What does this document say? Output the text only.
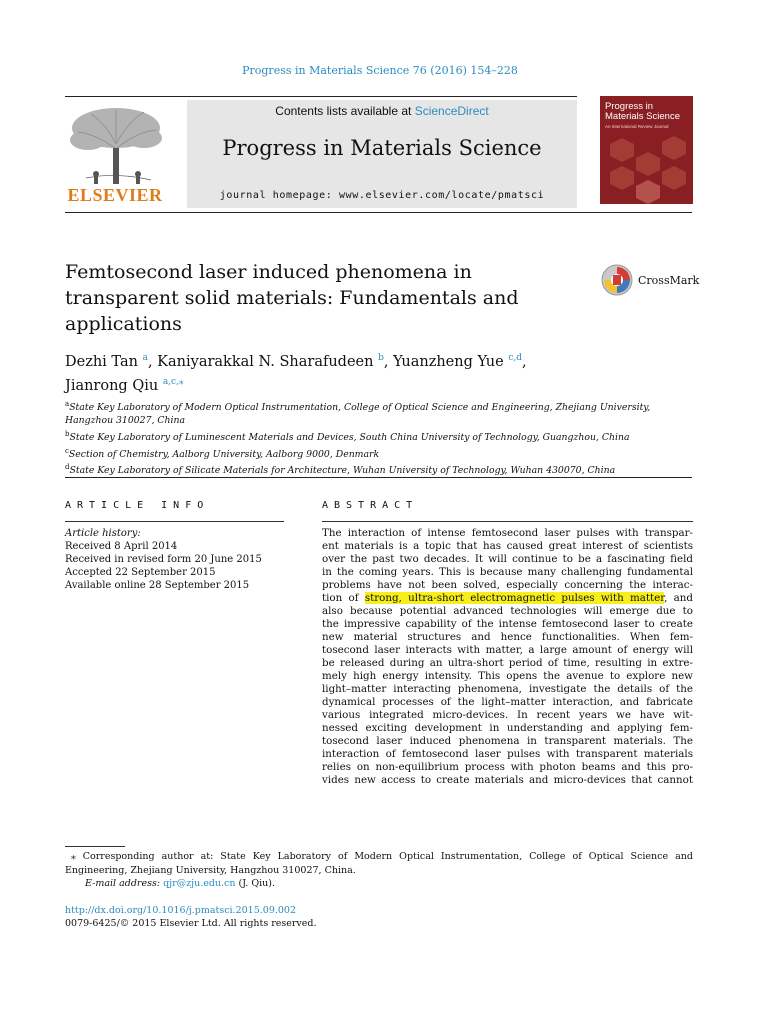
Progress in Materials Science 76 (2016) 154–228
ELSEVIER
Contents lists available at ScienceDirect
Progress in Materials Science
journal homepage: www.elsevier.com/locate/pmatsci
Progress in Materials Science
An International Review Journal
Femtosecond laser induced phenomena in
transparent solid materials: Fundamentals and
applications
CrossMark
Dezhi Tan $^a$, Kaniyarakkal N. Sharafudeen $^b$, Yuanzheng Yue $^{c,d}$,
Jianrong Qiu $^{a,c,⁎}$
$^a$State Key Laboratory of Modern Optical Instrumentation, College of Optical Science and Engineering, Zhejiang University,
Hangzhou 310027, China
$^b$State Key Laboratory of Luminescent Materials and Devices, South China University of Technology, Guangzhou, China
$^c$Section of Chemistry, Aalborg University, Aalborg 9000, Denmark
$^d$State Key Laboratory of Silicate Materials for Architecture, Wuhan University of Technology, Wuhan 430070, China
ARTICLE INFO	ABSTRACT
Article history:
Received 8 April 2014
Received in revised form 20 June 2015
Accepted 22 September 2015
Available online 28 September 2015
The interaction of intense femtosecond laser pulses with transpar-
ent materials is a topic that has caused great interest of scientists
over the past two decades. It will continue to be a fascinating field
in the coming years. This is because many challenging fundamental
problems have not been solved, especially concerning the interac-
tion of strong, ultra-short electromagnetic pulses with matter, and
also because potential advanced technologies will emerge due to
the impressive capability of the intense femtosecond laser to create
new material structures and hence functionalities. When fem-
tosecond laser interacts with matter, a large amount of energy will
be released during an ultra-short period of time, resulting in extre-
mely high energy intensity. This opens the avenue to explore new
light–matter interacting phenomena, investigate the details of the
dynamical processes of the light–matter interaction, and fabricate
various integrated micro-devices. In recent years we have wit-
nessed exciting development in understanding and applying fem-
tosecond laser induced phenomena in transparent materials. The
interaction of femtosecond laser pulses with transparent materials
relies on non-equilibrium process with photon beams and this pro-
vides new access to create materials and micro-devices that cannot
⁎ Corresponding author at: State Key Laboratory of Modern Optical Instrumentation, College of Optical Science and Engineering, Zhejiang University, Hangzhou 310027, China.
E-mail address: qjr@zju.edu.cn (J. Qiu).
http://dx.doi.org/10.1016/j.pmatsci.2015.09.002
0079-6425/© 2015 Elsevier Ltd. All rights reserved.
